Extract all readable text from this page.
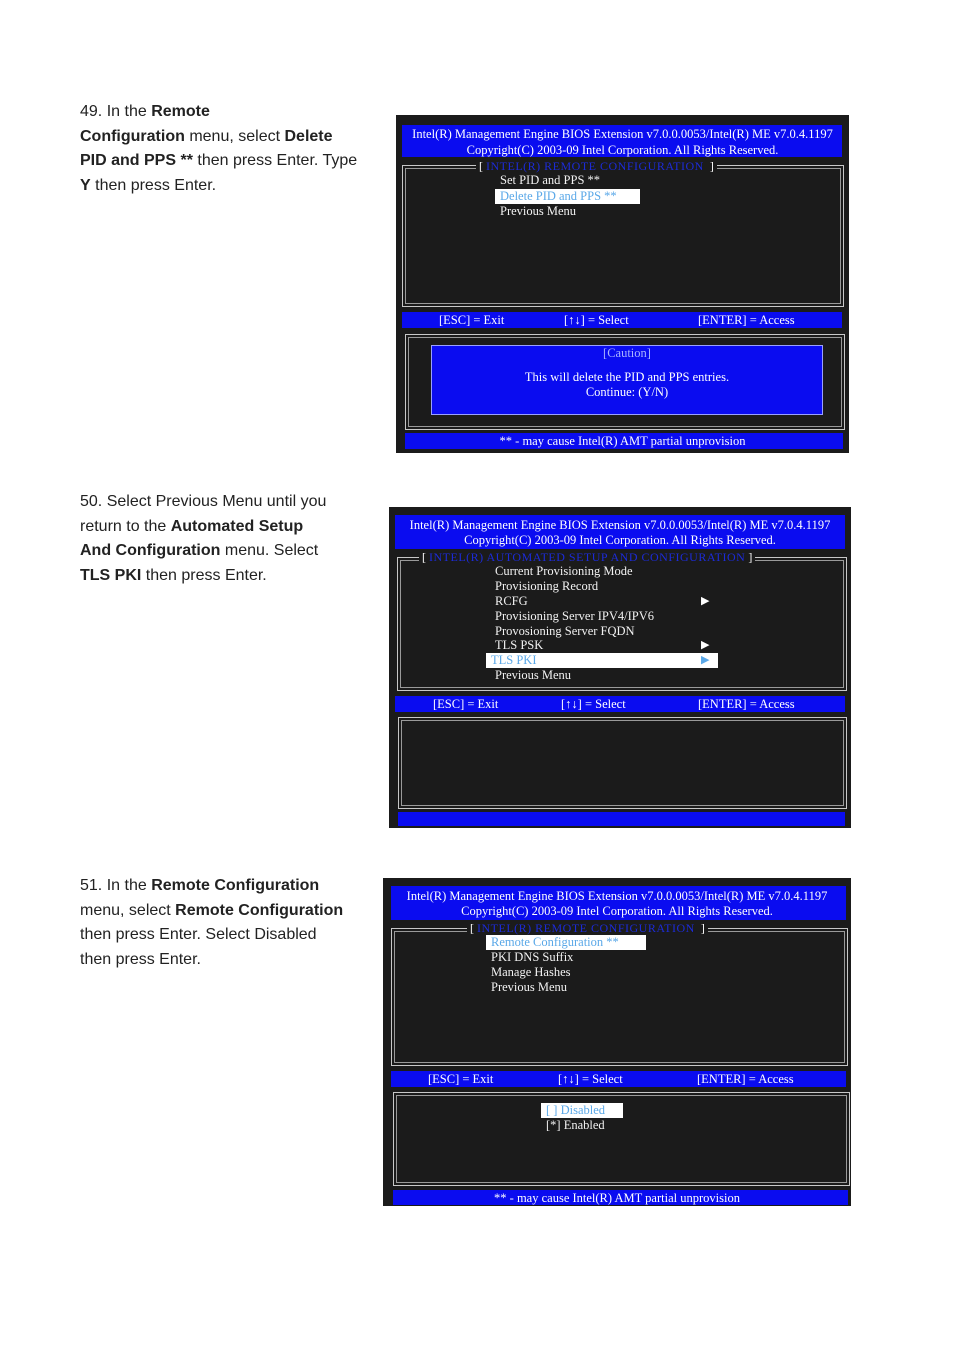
49. In the Remote
Configuration menu, select Delete
PID and PPS ** then press Enter. Type
Y then press Enter.
50. Select Previous Menu until you
return to the Automated Setup
And Configuration menu. Select
TLS PKI then press Enter.
51. In the Remote Configuration
menu, select Remote Configuration
then press Enter. Select Disabled
then press Enter.
Intel(R) Management Engine BIOS Extension v7.0.0.0053/Intel(R) ME v7.0.4.1197
Copyright(C) 2003-09 Intel Corporation. All Rights Reserved.
[ INTEL(R) REMOTE CONFIGURATION  ]
Set PID and PPS **
Delete PID and PPS **
Previous Menu
[ESC] = Exit	[↑↓] = Select	[ENTER] = Access
[Caution]
This will delete the PID and PPS entries.
Continue: (Y/N)
** - may cause Intel(R) AMT partial unprovision
Intel(R) Management Engine BIOS Extension v7.0.0.0053/Intel(R) ME v7.0.4.1197
Copyright(C) 2003-09 Intel Corporation. All Rights Reserved.
[ INTEL(R) AUTOMATED SETUP AND CONFIGURATION ]
Current Provisioning Mode
Provisioning Record
RCFG	▶
Provisioning Server IPV4/IPV6
Provosioning Server FQDN
TLS PSK	▶
TLS PKI	▶
Previous Menu
[ESC] = Exit	[↑↓] = Select	[ENTER] = Access
Intel(R) Management Engine BIOS Extension v7.0.0.0053/Intel(R) ME v7.0.4.1197
Copyright(C) 2003-09 Intel Corporation. All Rights Reserved.
[ INTEL(R) REMOTE CONFIGURATION  ]
Remote Configuration **
PKI DNS Suffix
Manage Hashes
Previous Menu
[ESC] = Exit	[↑↓] = Select	[ENTER] = Access
[ ] Disabled
[*] Enabled
** - may cause Intel(R) AMT partial unprovision
